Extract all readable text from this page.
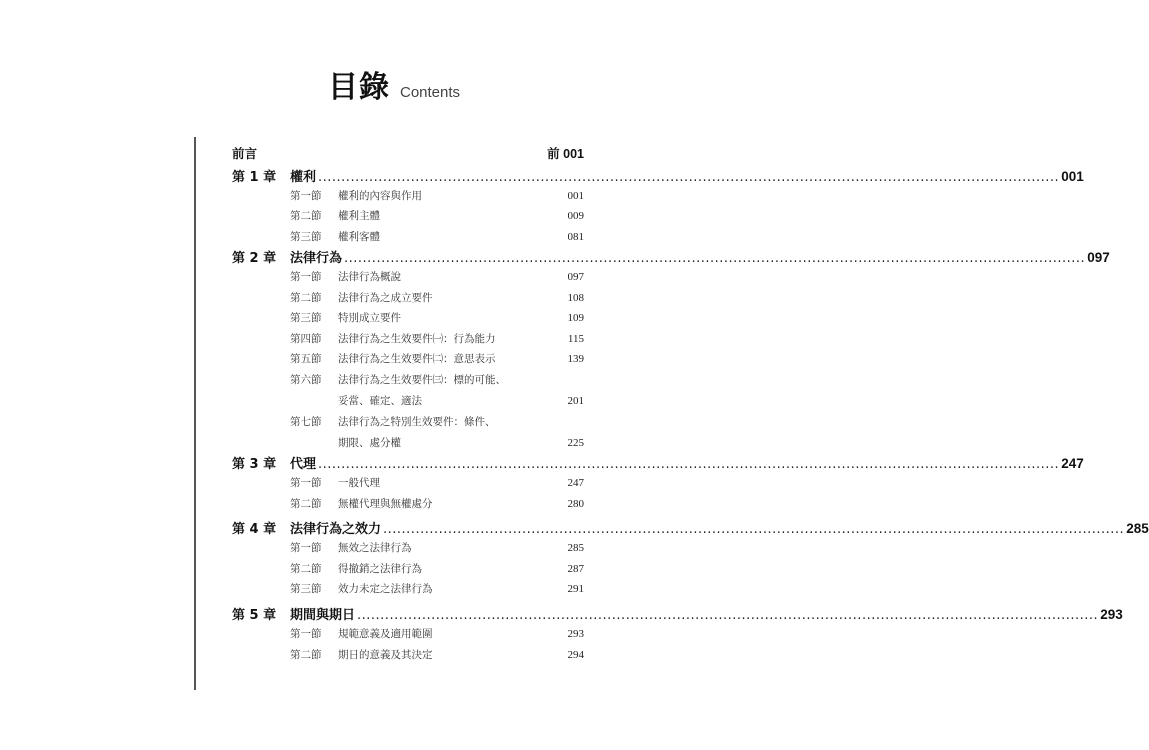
目錄 Contents
前言	前 001
第 1 章	權利 ................................................................................................................................................................ 001
第一節	權利的內容與作用	001
第二節	權利主體	009
第三節	權利客體	081
第 2 章	法律行為 ................................................................................................................................................................ 097
第一節	法律行為概說	097
第二節	法律行為之成立要件	108
第三節	特別成立要件	109
第四節	法律行為之生效要件㈠：行為能力	115
第五節	法律行為之生效要件㈡：意思表示	139
第六節	法律行為之生效要件㈢：標的可能、
妥當、確定、適法	201
第七節	法律行為之特別生效要件：條件、
期限、處分權	225
第 3 章	代理 ................................................................................................................................................................ 247
第一節	一般代理	247
第二節	無權代理與無權處分	280
第 4 章	法律行為之效力 ................................................................................................................................................................ 285
第一節	無效之法律行為	285
第二節	得撤銷之法律行為	287
第三節	效力未定之法律行為	291
第 5 章	期間與期日 ................................................................................................................................................................ 293
第一節	規範意義及適用範圍	293
第二節	期日的意義及其決定	294
